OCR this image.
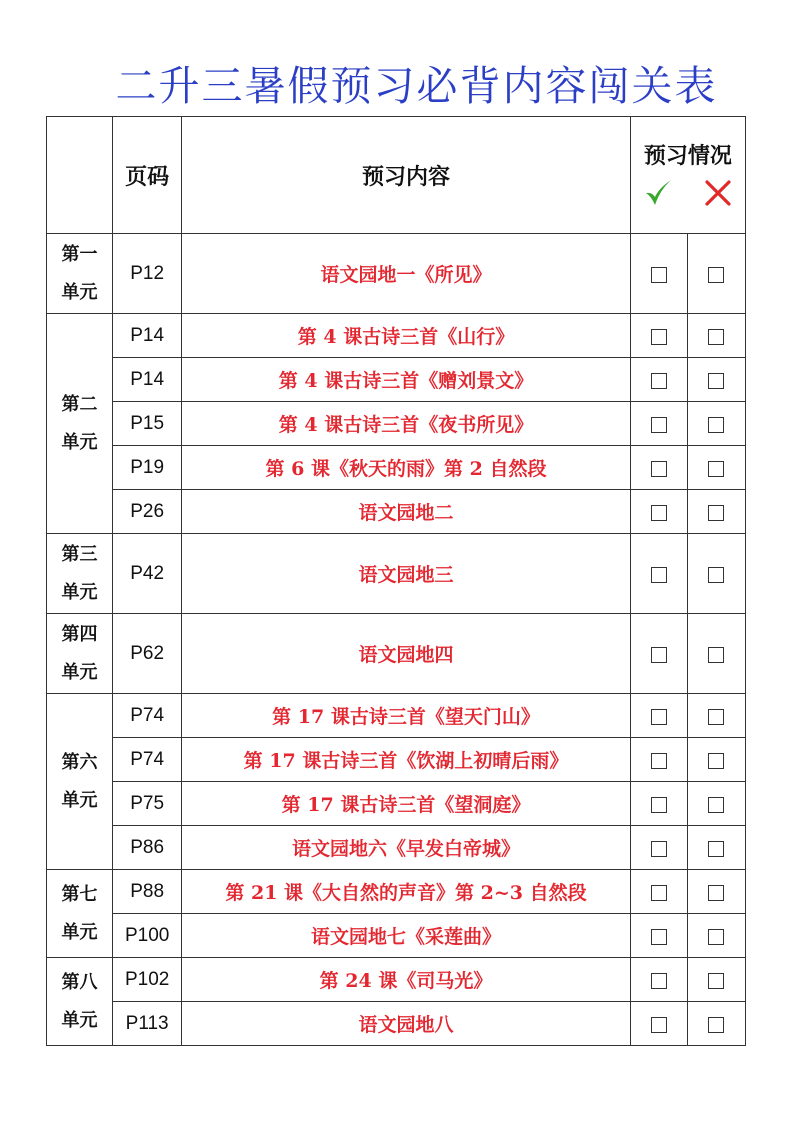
二升三暑假预习必背内容闯关表
	页码	预习内容	预习情况	

第一
单元	P12	语文园地一《所见》		

第二
单元	P14	第 4 课古诗三首《山行》		
	P14	第 4 课古诗三首《赠刘景文》		
	P15	第 4 课古诗三首《夜书所见》		
	P19	第 6 课《秋天的雨》第 2 自然段		
	P26	语文园地二		

第三
单元	P42	语文园地三		

第四
单元	P62	语文园地四		

第六
单元	P74	第 17 课古诗三首《望天门山》		
	P74	第 17 课古诗三首《饮湖上初晴后雨》		
	P75	第 17 课古诗三首《望洞庭》		
	P86	语文园地六《早发白帝城》		

第七
单元	P88	第 21 课《大自然的声音》第 2~3 自然段		
	P100	语文园地七《采莲曲》		

第八
单元	P102	第 24 课《司马光》		
	P113	语文园地八		
